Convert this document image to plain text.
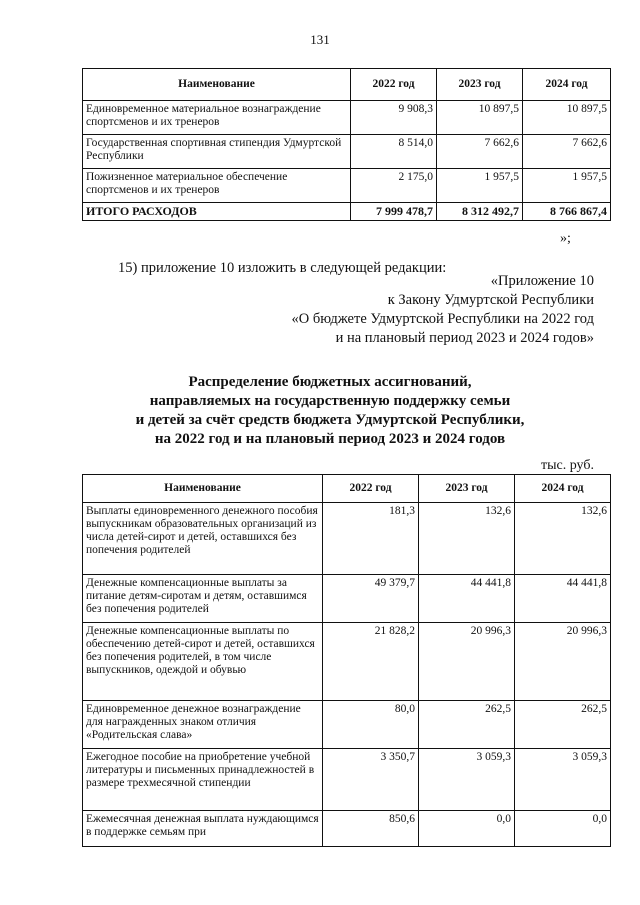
131
Наименование	2022 год	2023 год	2024 год
Единовременное материальное вознаграждение спортсменов и их тренеров	9 908,3	10 897,5	10 897,5
Государственная спортивная стипендия Удмуртской Республики	8 514,0	7 662,6	7 662,6
Пожизненное материальное обеспечение спортсменов и их тренеров	2 175,0	1 957,5	1 957,5
ИТОГО РАСХОДОВ	7 999 478,7	8 312 492,7	8 766 867,4
»;
15) приложение 10 изложить в следующей редакции:
«Приложение 10
к Закону Удмуртской Республики
«О бюджете Удмуртской Республики на 2022 год
и на плановый период 2023 и 2024 годов»
Распределение бюджетных ассигнований,
направляемых на государственную поддержку семьи
и детей за счёт средств бюджета Удмуртской Республики,
на 2022 год и на плановый период 2023 и 2024 годов
тыс. руб.
Наименование	2022 год	2023 год	2024 год
Выплаты единовременного денежного пособия выпускникам образовательных организаций из числа детей-сирот и детей, оставшихся без попечения родителей	181,3	132,6	132,6
Денежные компенсационные выплаты за питание детям-сиротам и детям, оставшимся без попечения родителей	49 379,7	44 441,8	44 441,8
Денежные компенсационные выплаты по обеспечению детей-сирот и детей, оставшихся без попечения родителей, в том числе выпускников, одеждой и обувью	21 828,2	20 996,3	20 996,3
Единовременное денежное вознаграждение для награжденных знаком отличия «Родительская слава»	80,0	262,5	262,5
Ежегодное пособие на приобретение учебной литературы и письменных принадлежностей в размере трехмесячной стипендии	3 350,7	3 059,3	3 059,3
Ежемесячная денежная выплата нуждающимся в поддержке семьям при	850,6	0,0	0,0
